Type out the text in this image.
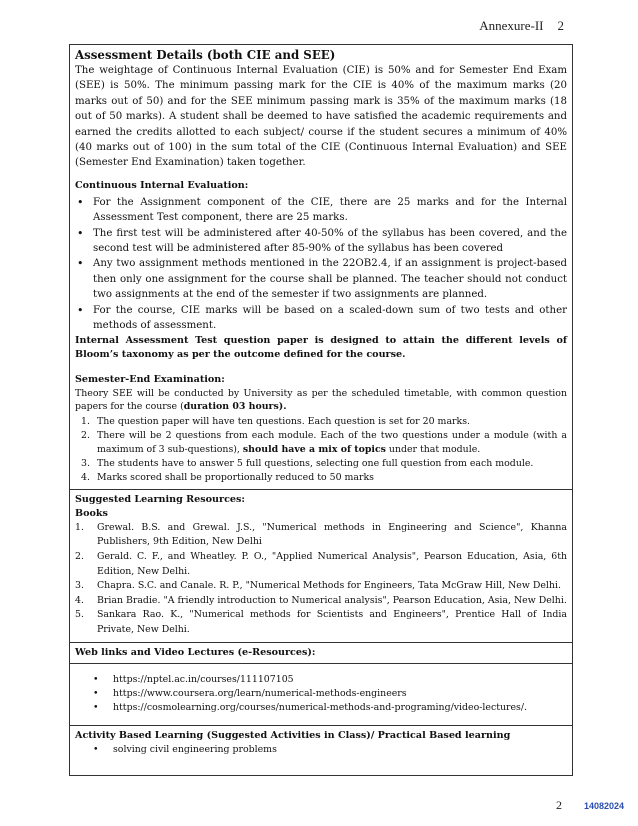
Annexure-II 2
Assessment Details (both CIE and SEE)
The weightage of Continuous Internal Evaluation (CIE) is 50% and for Semester End Exam (SEE) is 50%. The minimum passing mark for the CIE is 40% of the maximum marks (20 marks out of 50) and for the SEE minimum passing mark is 35% of the maximum marks (18 out of 50 marks). A student shall be deemed to have satisfied the academic requirements and earned the credits allotted to each subject/ course if the student secures a minimum of 40% (40 marks out of 100) in the sum total of the CIE (Continuous Internal Evaluation) and SEE (Semester End Examination) taken together.
Continuous Internal Evaluation:
• For the Assignment component of the CIE, there are 25 marks and for the Internal Assessment Test component, there are 25 marks.
• The first test will be administered after 40-50% of the syllabus has been covered, and the second test will be administered after 85-90% of the syllabus has been covered
• Any two assignment methods mentioned in the 22OB2.4, if an assignment is project-based then only one assignment for the course shall be planned. The teacher should not conduct two assignments at the end of the semester if two assignments are planned.
• For the course, CIE marks will be based on a scaled-down sum of two tests and other methods of assessment.
Internal Assessment Test question paper is designed to attain the different levels of Bloom’s taxonomy as per the outcome defined for the course.
Semester-End Examination:
Theory SEE will be conducted by University as per the scheduled timetable, with common question papers for the course (duration 03 hours).
1. The question paper will have ten questions. Each question is set for 20 marks.
2. There will be 2 questions from each module. Each of the two questions under a module (with a maximum of 3 sub-questions), should have a mix of topics under that module.
3. The students have to answer 5 full questions, selecting one full question from each module.
4. Marks scored shall be proportionally reduced to 50 marks
Suggested Learning Resources:
Books
1. Grewal. B.S. and Grewal. J.S., "Numerical methods in Engineering and Science", Khanna Publishers, 9th Edition, New Delhi
2. Gerald. C. F., and Wheatley. P. O., "Applied Numerical Analysis", Pearson Education, Asia, 6th Edition, New Delhi.
3. Chapra. S.C. and Canale. R. P., "Numerical Methods for Engineers, Tata McGraw Hill, New Delhi.
4. Brian Bradie. "A friendly introduction to Numerical analysis", Pearson Education, Asia, New Delhi.
5. Sankara Rao. K., "Numerical methods for Scientists and Engineers", Prentice Hall of India Private, New Delhi.
Web links and Video Lectures (e-Resources):
• https://nptel.ac.in/courses/111107105
• https://www.coursera.org/learn/numerical-methods-engineers
• https://cosmolearning.org/courses/numerical-methods-and-programing/video-lectures/.
Activity Based Learning (Suggested Activities in Class)/ Practical Based learning
• solving civil engineering problems
2 14082024
